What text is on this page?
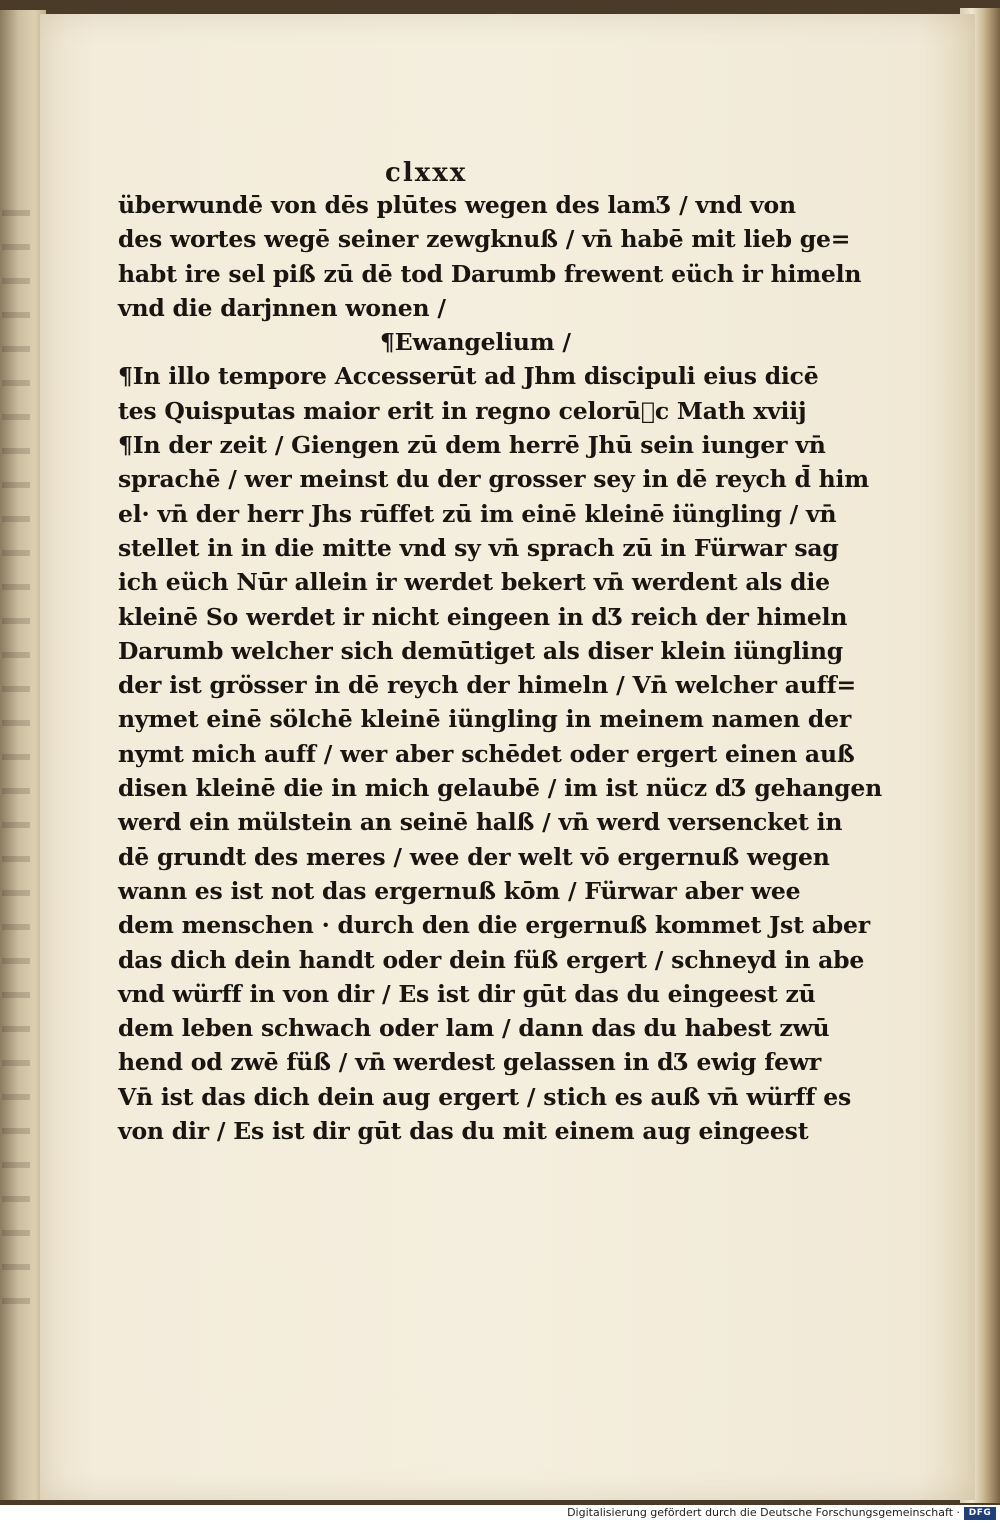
clxxx
überwundē von dēs plūtes wegen des lamƷ / vnd von
des wortes wegē seiner zewgknuß / vn̄ habē mit lieb ge=
habt ire sel piß zū dē tod Darumb frewent eüch ir himeln
vnd die darjnnen wonen /
¶Ewangelium /
¶In illo tempore Accesserūt ad Jhm discipuli eius dicē
tes Quisputas maior erit in regno celorū᷑c Math xviij
¶In der zeit / Giengen zū dem herrē Jhū sein iunger vn̄
sprachē / wer meinst du der grosser sey in dē reych d̄ him
el· vn̄ der herr Jhs rūffet zū im einē kleinē iüngling / vn̄
stellet in in die mitte vnd sy vn̄ sprach zū in Fürwar sag
ich eüch Nūr allein ir werdet bekert vn̄ werdent als die
kleinē So werdet ir nicht eingeen in dƷ reich der himeln
Darumb welcher sich demūtiget als diser klein iüngling
der ist grösser in dē reych der himeln / Vn̄ welcher auff=
nymet einē sölchē kleinē iüngling in meinem namen der
nymt mich auff / wer aber schēdet oder ergert einen auß
disen kleinē die in mich gelaubē / im ist nücz dƷ gehangen
werd ein mülstein an seinē halß / vn̄ werd versencket in
dē grundt des meres / wee der welt vō ergernuß wegen
wann es ist not das ergernuß kōm / Fürwar aber wee
dem menschen · durch den die ergernuß kommet Jst aber
das dich dein handt oder dein füß ergert / schneyd in abe
vnd würff in von dir / Es ist dir gūt das du eingeest zū
dem leben schwach oder lam / dann das du habest zwū
hend od zwē füß / vn̄ werdest gelassen in dƷ ewig fewr
Vn̄ ist das dich dein aug ergert / stich es auß vn̄ würff es
von dir / Es ist dir gūt das du mit einem aug eingeest
Digitalisierung gefördert durch die Deutsche Forschungsgemeinschaft · DFG
